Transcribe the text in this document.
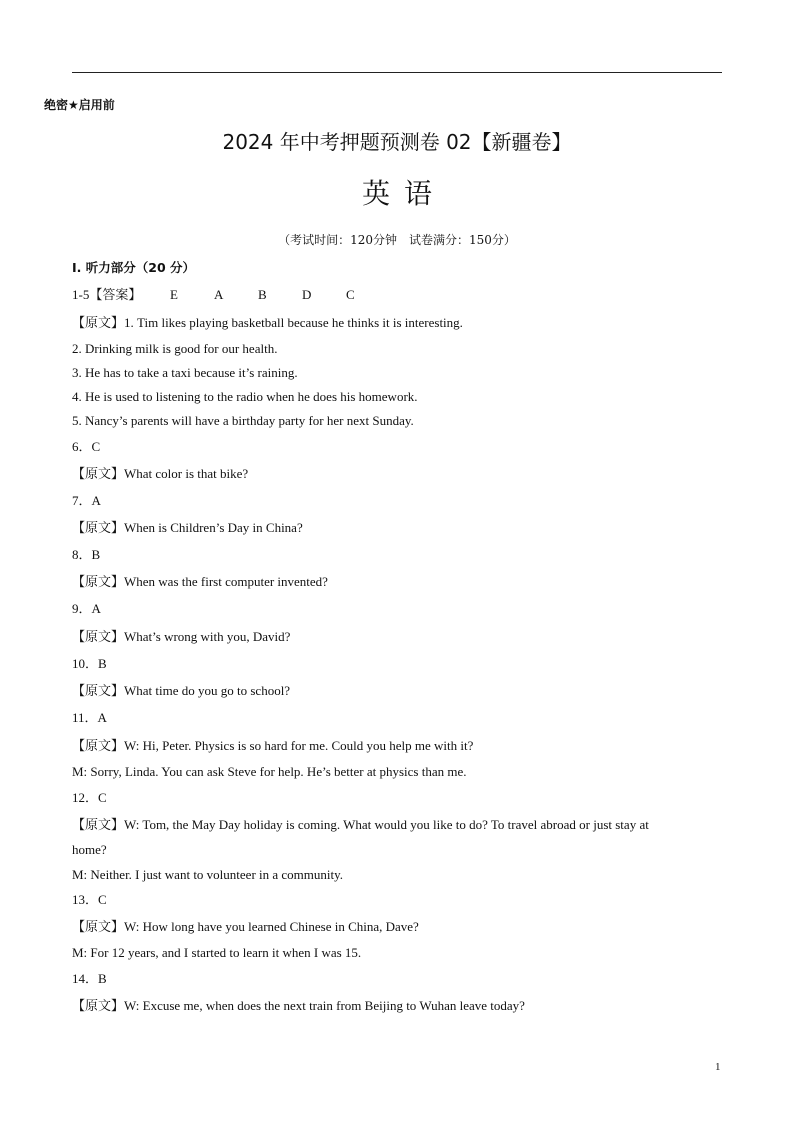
绝密★启用前
2024 年中考押题预测卷 02【新疆卷】
英语
（考试时间：120分钟　试卷满分：150分）
Ⅰ. 听力部分（20 分）
1-5【答案】 E	A	B	D	C
【原文】1. Tim likes playing basketball because he thinks it is interesting.
2. Drinking milk is good for our health.
3. He has to take a taxi because it’s raining.
4. He is used to listening to the radio when he does his homework.
5. Nancy’s parents will have a birthday party for her next Sunday.
6．C
【原文】What color is that bike?
7．A
【原文】When is Children’s Day in China?
8．B
【原文】When was the first computer invented?
9．A
【原文】What’s wrong with you, David?
10．B
【原文】What time do you go to school?
11．A
【原文】W: Hi, Peter. Physics is so hard for me. Could you help me with it?
M: Sorry, Linda. You can ask Steve for help. He’s better at physics than me.
12．C
【原文】W: Tom, the May Day holiday is coming. What would you like to do? To travel abroad or just stay at
home?
M: Neither. I just want to volunteer in a community.
13．C
【原文】W: How long have you learned Chinese in China, Dave?
M: For 12 years, and I started to learn it when I was 15.
14．B
【原文】W: Excuse me, when does the next train from Beijing to Wuhan leave today?
1
